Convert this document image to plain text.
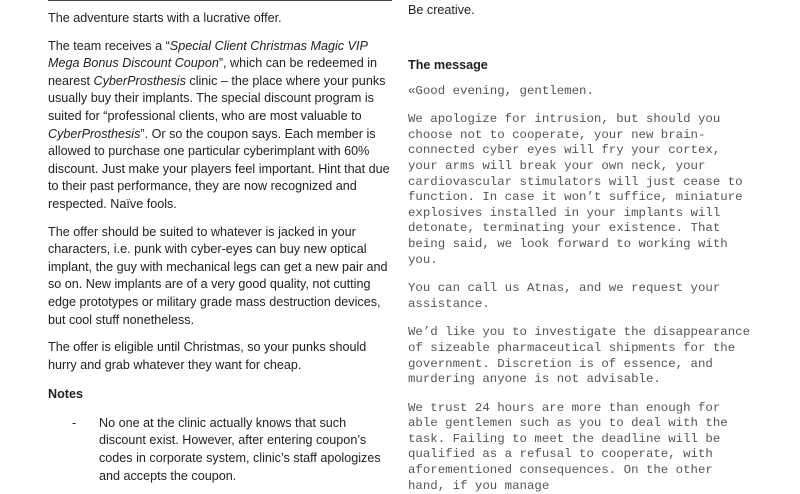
The adventure starts with a lucrative offer.

The team receives a “Special Client Christmas Magic VIP Mega Bonus Discount Coupon”, which can be redeemed in nearest CyberProsthesis clinic – the place where your punks usually buy their implants. The special discount program is suited for “professional clients, who are most valuable to CyberProsthesis”. Or so the coupon says. Each member is allowed to purchase one particular cyberimplant with 60% discount. Just make your players feel important. Hint that due to their past performance, they are now recognized and respected. Naïve fools.

The offer should be suited to whatever is jacked in your characters, i.e. punk with cyber-eyes can buy new optical implant, the guy with mechanical legs can get a new pair and so on. New implants are of a very good quality, not cutting edge prototypes or military grade mass destruction devices, but cool stuff nonetheless.

The offer is eligible until Christmas, so your punks should hurry and grab whatever they want for cheap.

Notes
-	No one at the clinic actually knows that such discount exist. However, after entering coupon’s codes in corporate system, clinic’s staff apologizes and accepts the coupon.
Be creative.
The message

«Good evening, gentlemen.

We apologize for intrusion, but should you choose not to cooperate, your new brain-connected cyber eyes will fry your cortex, your arms will break your own neck, your cardiovascular stimulators will just cease to function. In case it won’t suffice, miniature explosives installed in your implants will detonate, terminating your existence. That being said, we look forward to working with you.

You can call us Atnas, and we request your assistance.

We’d like you to investigate the disappearance of sizeable pharmaceutical shipments for the government. Discretion is of essence, and murdering anyone is not advisable.

We trust 24 hours are more than enough for able gentlemen such as you to deal with the task. Failing to meet the deadline will be qualified as a refusal to cooperate, with aforementioned consequences. On the other hand, if you manage
